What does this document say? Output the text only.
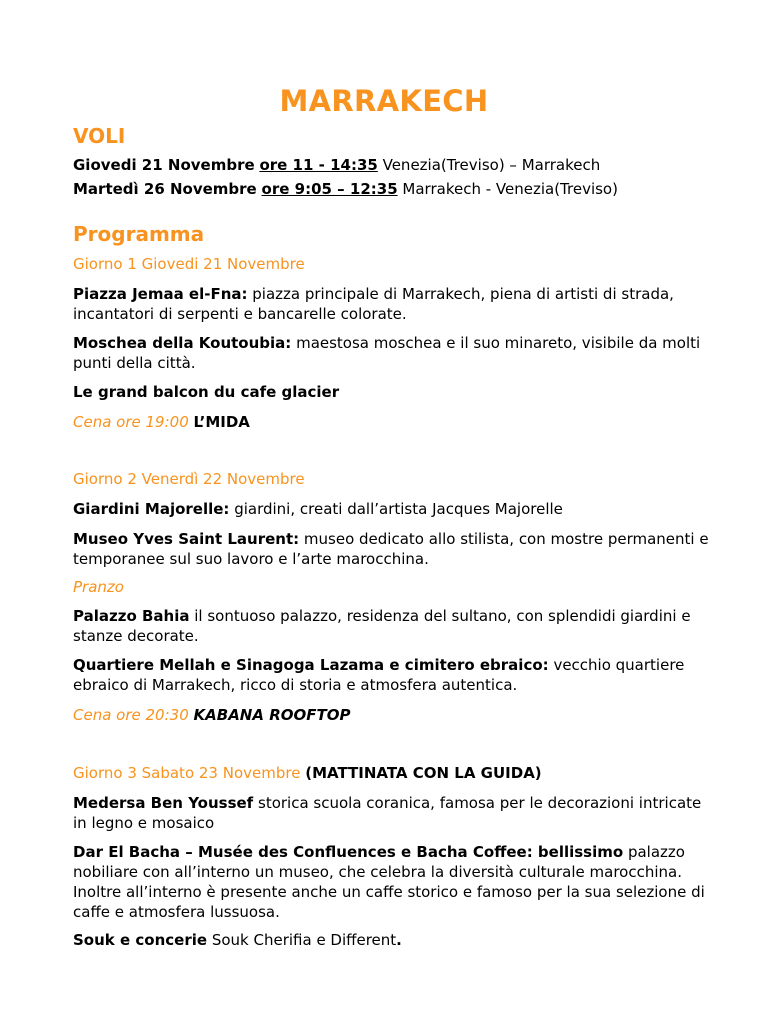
MARRAKECH
VOLI
Giovedi 21 Novembre ore 11 - 14:35 Venezia(Treviso) – Marrakech
Martedì 26 Novembre ore 9:05 – 12:35 Marrakech - Venezia(Treviso)
Programma
Giorno 1 Giovedi 21 Novembre
Piazza Jemaa el-Fna: piazza principale di Marrakech, piena di artisti di strada, incantatori di serpenti e bancarelle colorate.
Moschea della Koutoubia: maestosa moschea e il suo minareto, visibile da molti punti della città.
Le grand balcon du cafe glacier
Cena ore 19:00 L’MIDA
Giorno 2 Venerdì 22 Novembre
Giardini Majorelle: giardini, creati dall’artista Jacques Majorelle
Museo Yves Saint Laurent: museo dedicato allo stilista, con mostre permanenti e temporanee sul suo lavoro e l’arte marocchina.
Pranzo
Palazzo Bahia il sontuoso palazzo, residenza del sultano, con splendidi giardini e stanze decorate.
Quartiere Mellah e Sinagoga Lazama e cimitero ebraico: vecchio quartiere ebraico di Marrakech, ricco di storia e atmosfera autentica.
Cena ore 20:30 KABANA ROOFTOP
Giorno 3 Sabato 23 Novembre (MATTINATA CON LA GUIDA)
Medersa Ben Youssef storica scuola coranica, famosa per le decorazioni intricate in legno e mosaico
Dar El Bacha – Musée des Confluences e Bacha Coffee: bellissimo palazzo nobiliare con all’interno un museo, che celebra la diversità culturale marocchina. Inoltre all’interno è presente anche un caffe storico e famoso per la sua selezione di caffe e atmosfera lussuosa.
Souk e concerie Souk Cherifia e Different.
